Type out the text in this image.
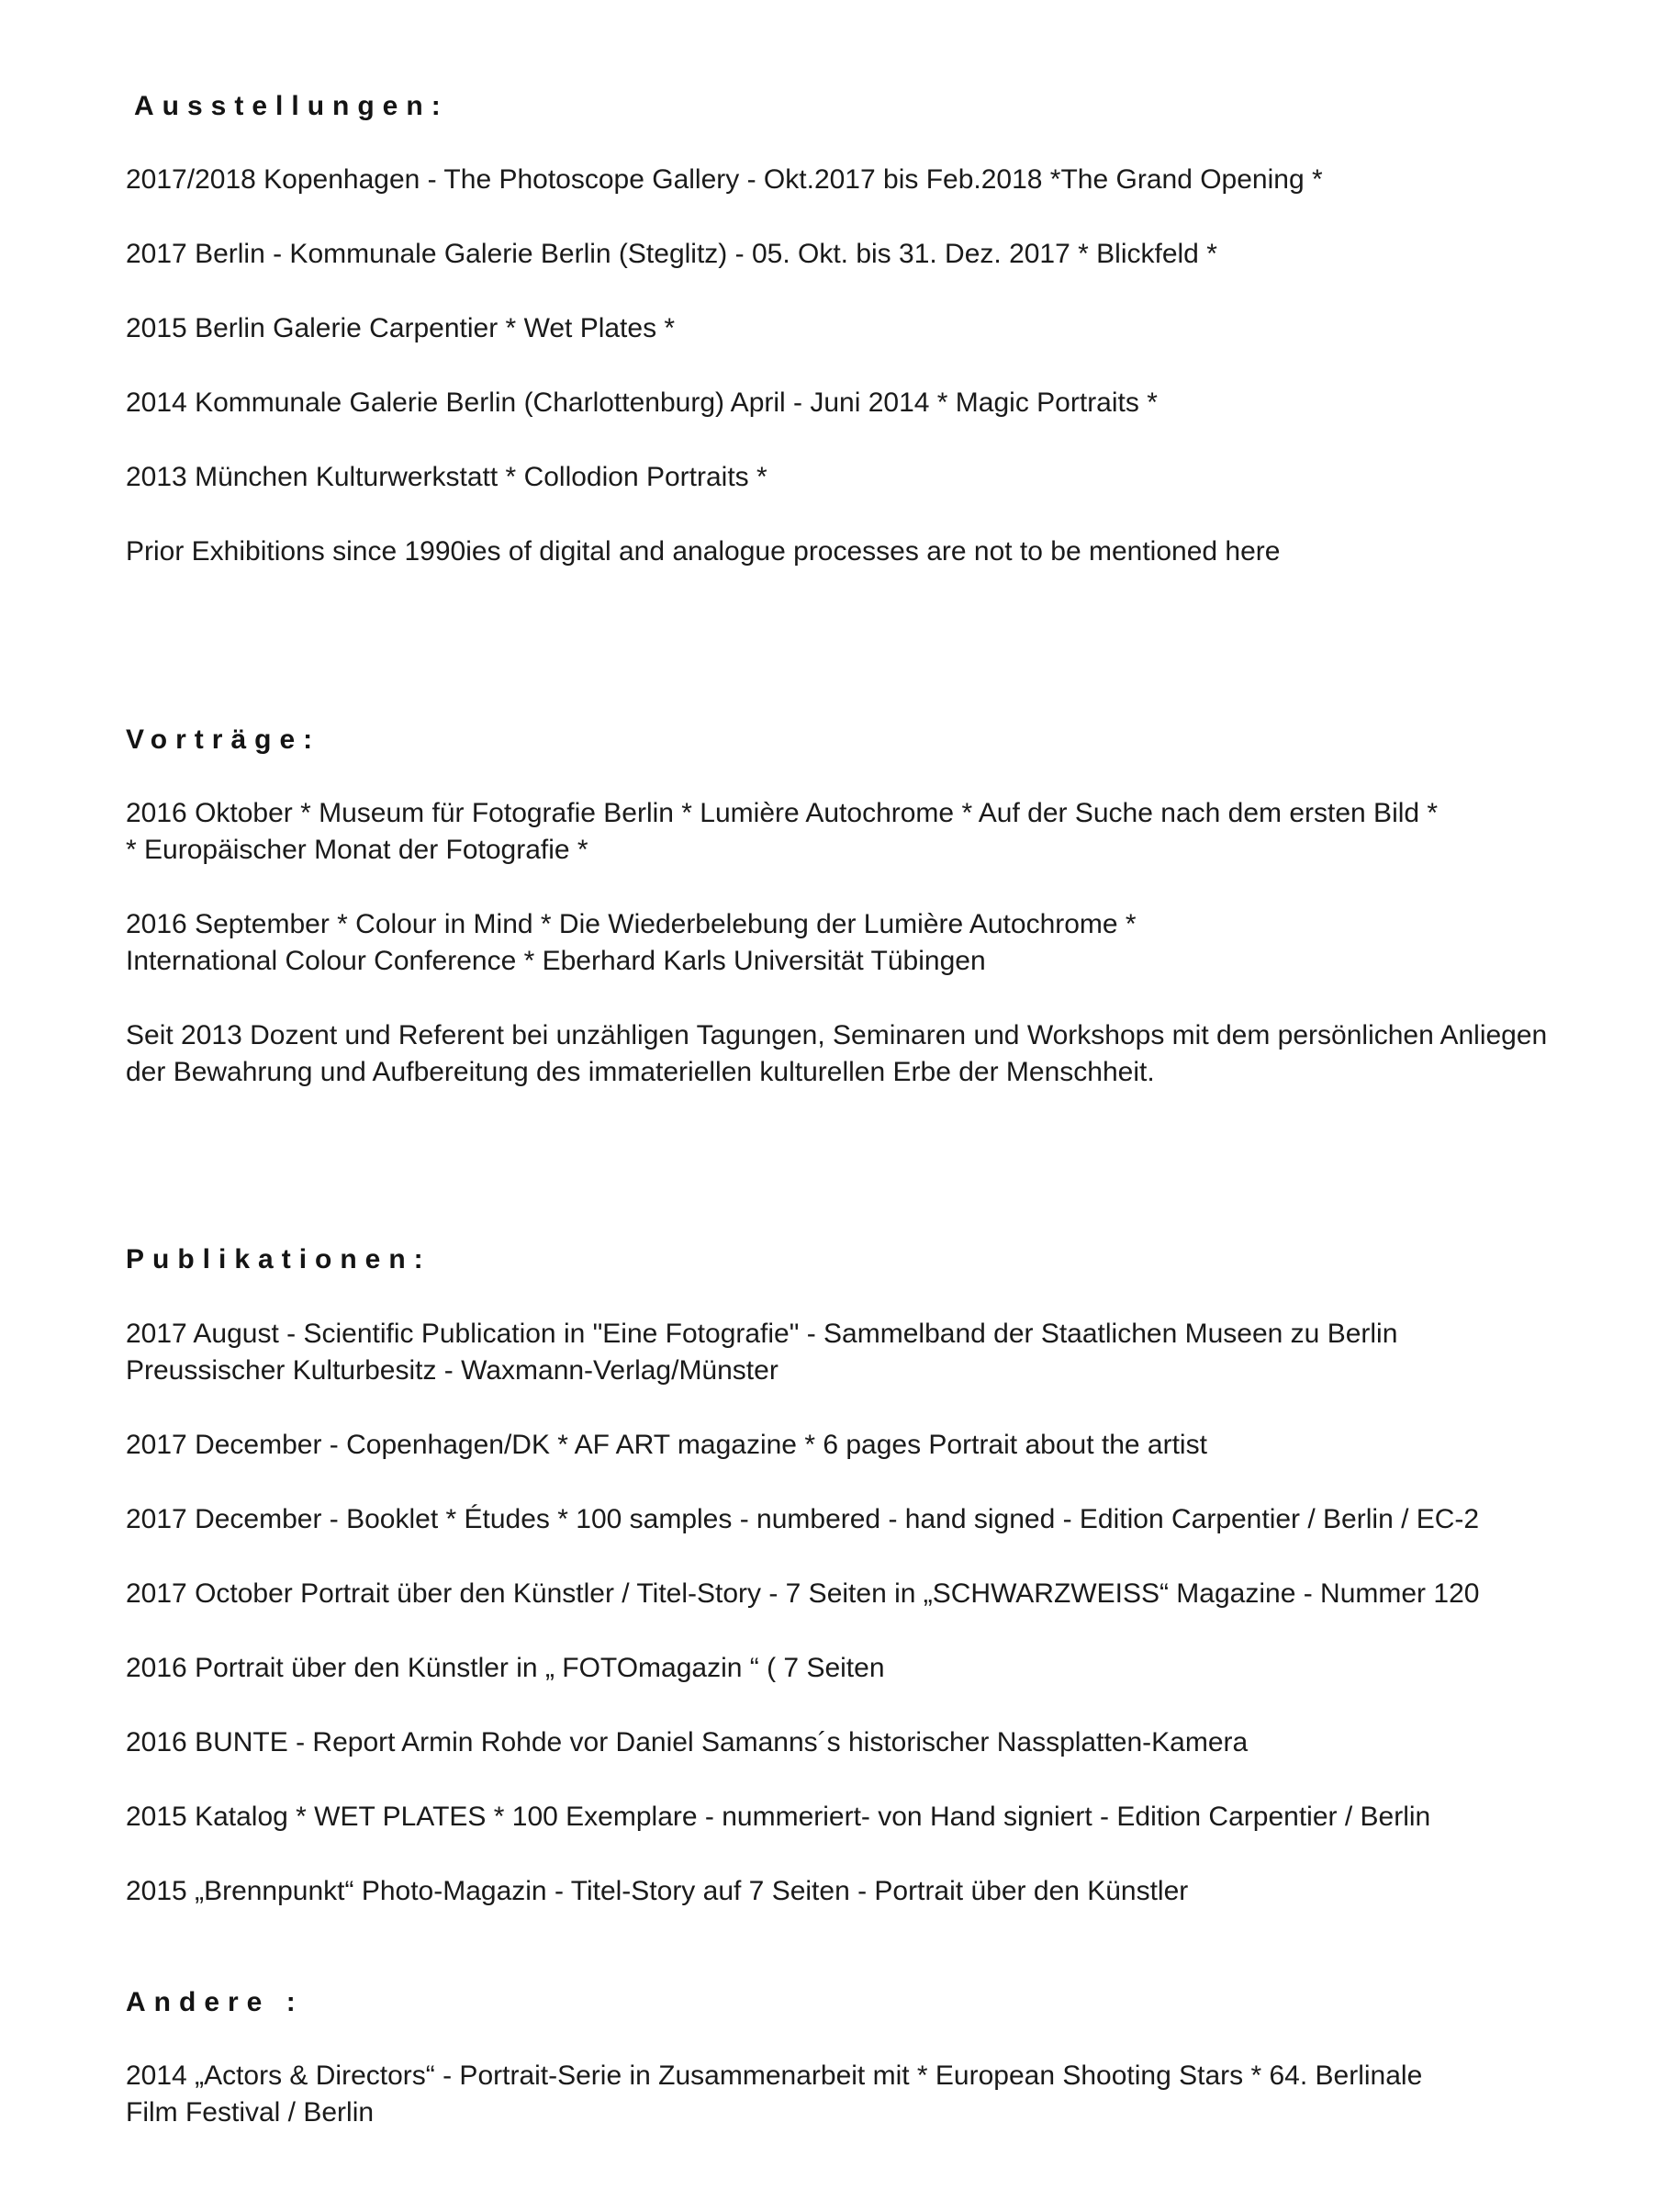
Ausstellungen:
2017/2018 Kopenhagen - The Photoscope Gallery - Okt.2017 bis Feb.2018 *The Grand Opening *
2017 Berlin - Kommunale Galerie Berlin (Steglitz) - 05. Okt. bis 31. Dez. 2017 * Blickfeld *
2015 Berlin Galerie Carpentier * Wet Plates *
2014 Kommunale Galerie Berlin (Charlottenburg) April - Juni 2014 * Magic Portraits *
2013 München Kulturwerkstatt * Collodion Portraits *
Prior Exhibitions since 1990ies of digital and analogue processes are not to be mentioned here
Vorträge:
2016 Oktober * Museum für Fotografie Berlin * Lumière Autochrome * Auf der Suche nach dem ersten Bild *
* Europäischer Monat der Fotografie *
2016 September * Colour in Mind * Die Wiederbelebung der Lumière Autochrome *
International Colour Conference * Eberhard Karls Universität Tübingen
Seit 2013 Dozent und Referent bei unzähligen Tagungen, Seminaren und Workshops mit dem persönlichen Anliegen
der Bewahrung und Aufbereitung des immateriellen kulturellen Erbe der Menschheit.
Publikationen:
2017 August - Scientific Publication in "Eine Fotografie" - Sammelband der Staatlichen Museen zu Berlin
Preussischer Kulturbesitz - Waxmann-Verlag/Münster
2017 December - Copenhagen/DK * AF ART magazine * 6 pages Portrait about the artist
2017 December - Booklet * Études * 100 samples - numbered - hand signed - Edition Carpentier / Berlin / EC-2
2017 October Portrait über den Künstler / Titel-Story - 7 Seiten in „SCHWARZWEISS“ Magazine - Nummer 120
2016 Portrait über den Künstler in „ FOTOmagazin “ ( 7 Seiten
2016 BUNTE - Report Armin Rohde vor Daniel Samanns´s historischer Nassplatten-Kamera
2015 Katalog * WET PLATES * 100 Exemplare - nummeriert- von Hand signiert - Edition Carpentier / Berlin
2015 „Brennpunkt“ Photo-Magazin - Titel-Story auf 7 Seiten - Portrait über den Künstler
Andere :
2014 „Actors & Directors“ - Portrait-Serie in Zusammenarbeit mit * European Shooting Stars * 64. Berlinale
Film Festival / Berlin
